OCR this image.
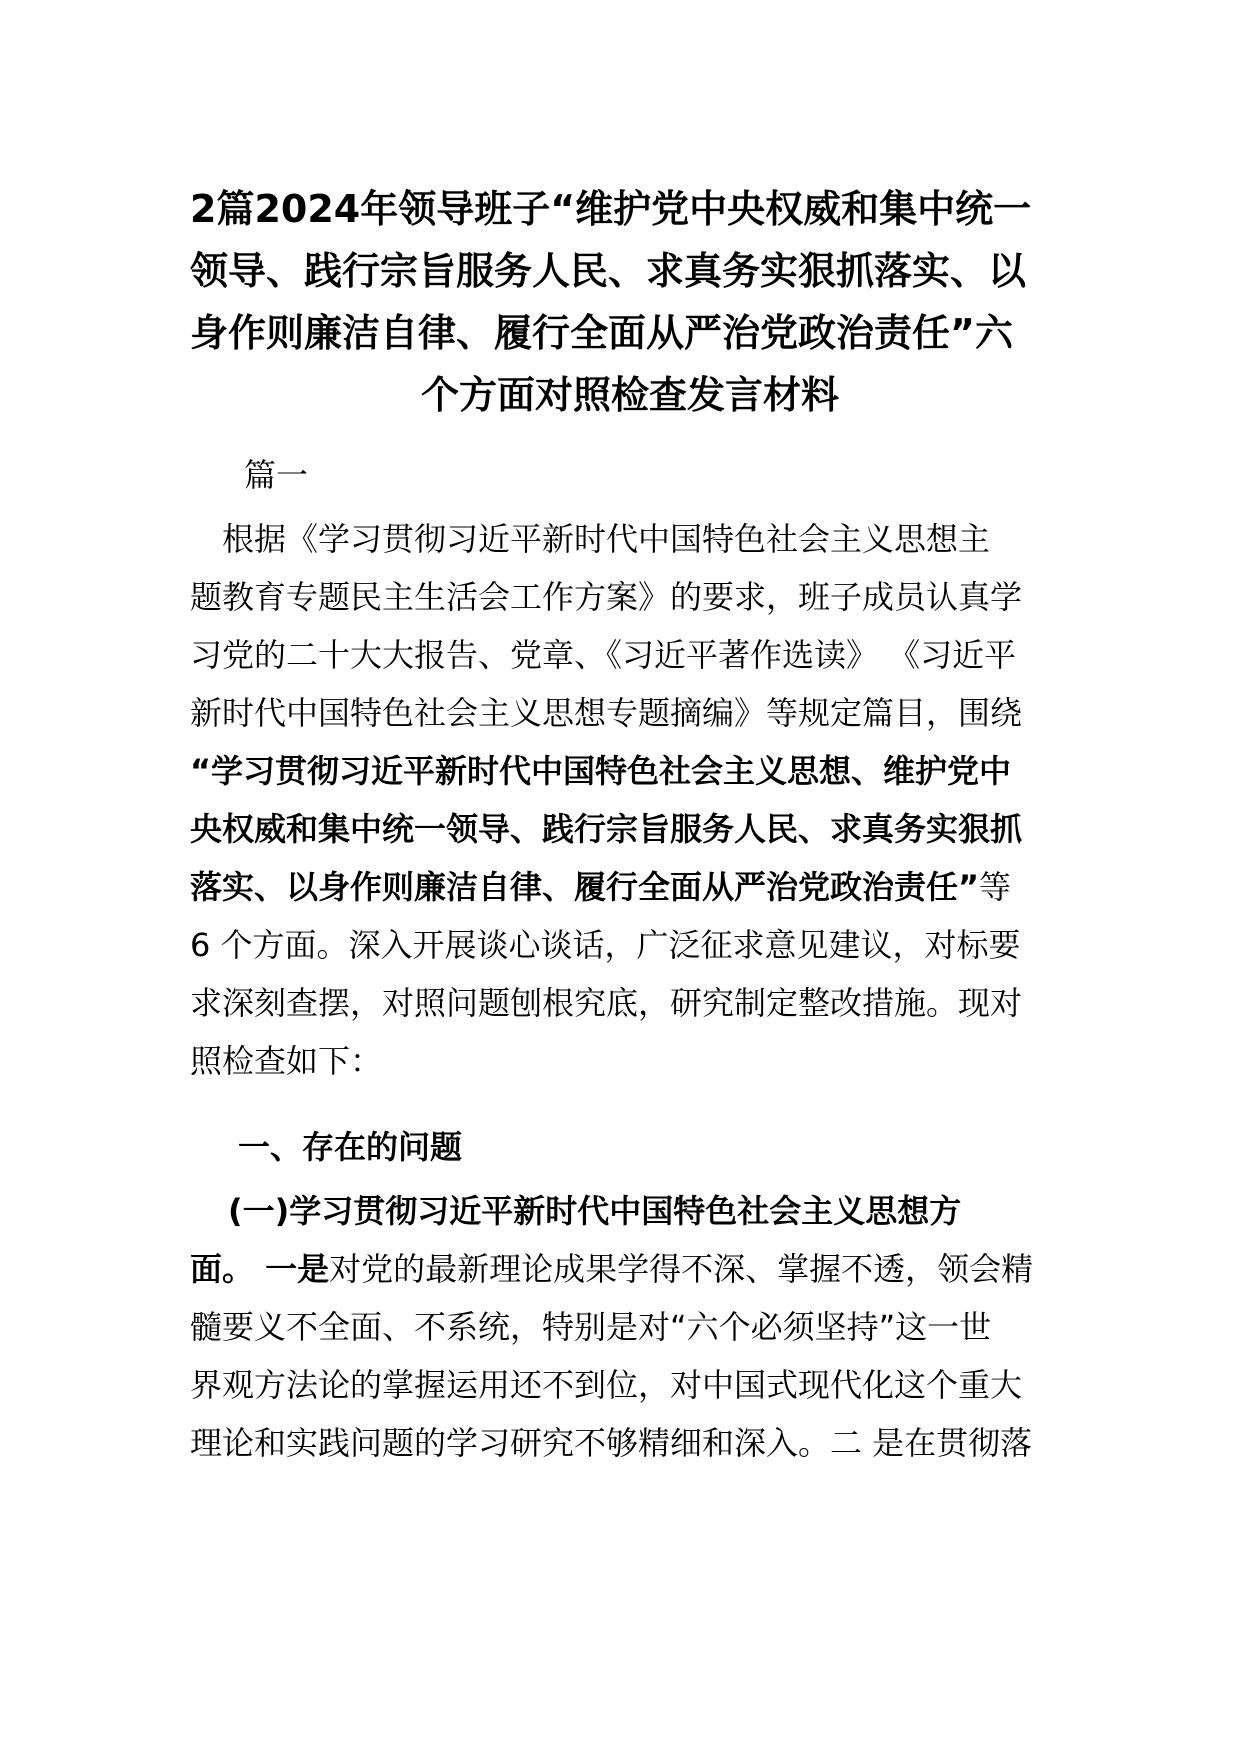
2篇2024年领导班子“维护党中央权威和集中统一
领导、践行宗旨服务人民、求真务实狠抓落实、以
身作则廉洁自律、履行全面从严治党政治责任”六
个方面对照检查发言材料

篇一

　根据《学习贯彻习近平新时代中国特色社会主义思想主
题教育专题民主生活会工作方案》的要求，班子成员认真学
习党的二十大大报告、党章、《习近平著作选读》 《习近平
新时代中国特色社会主义思想专题摘编》等规定篇目，围绕
“学习贯彻习近平新时代中国特色社会主义思想、维护党中
央权威和集中统一领导、践行宗旨服务人民、求真务实狠抓
落实、以身作则廉洁自律、履行全面从严治党政治责任”等
6 个方面。深入开展谈心谈话，广泛征求意见建议，对标要
求深刻查摆，对照问题刨根究底，研究制定整改措施。现对
照检查如下：

一、存在的问题

(一)学习贯彻习近平新时代中国特色社会主义思想方
面。 一是对党的最新理论成果学得不深、掌握不透，领会精
髓要义不全面、不系统，特别是对“六个必须坚持”这一世
界观方法论的掌握运用还不到位，对中国式现代化这个重大
理论和实践问题的学习研究不够精细和深入。二 是在贯彻落
